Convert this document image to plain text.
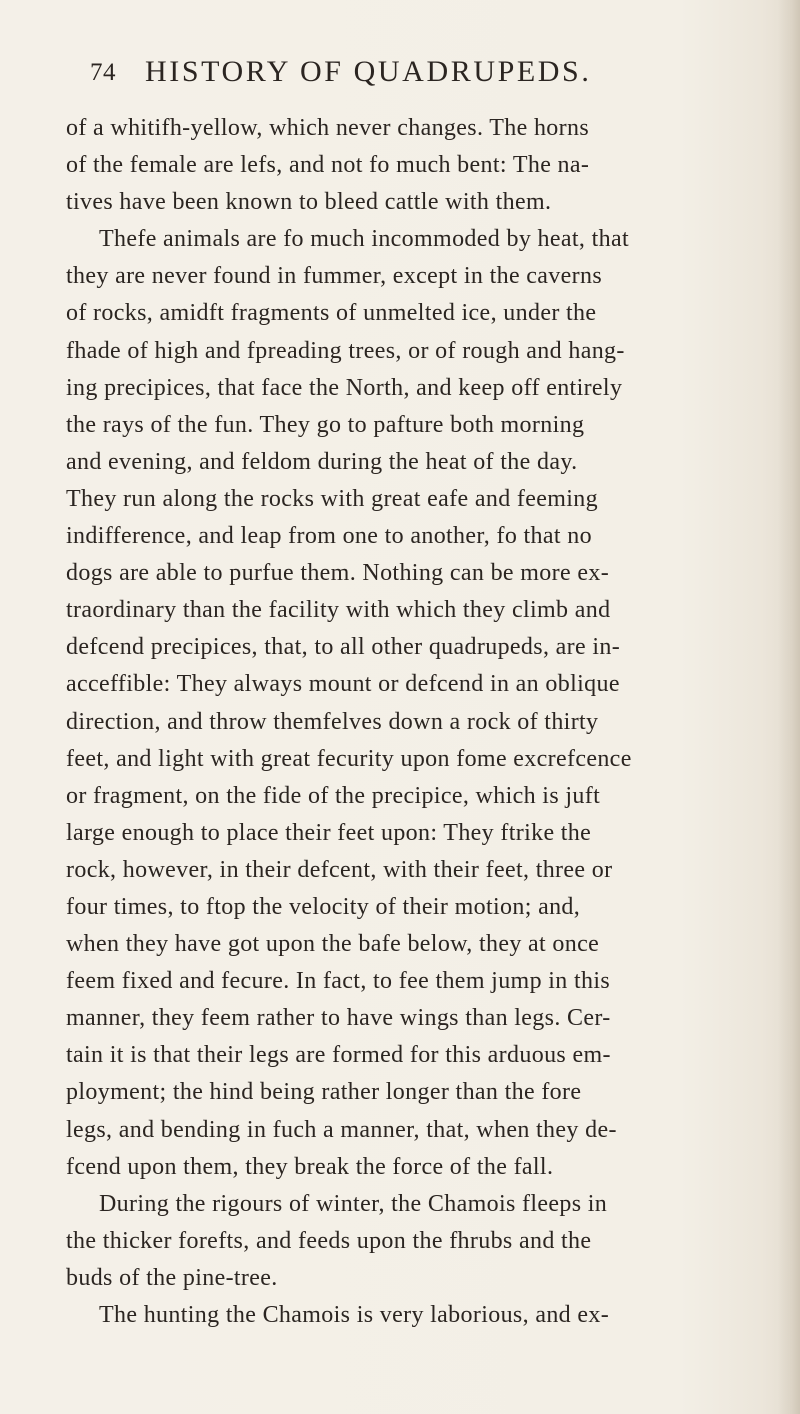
74 HISTORY OF QUADRUPEDS.
of a whitifh-yellow, which never changes. The horns
of the female are lefs, and not fo much bent: The na-
tives have been known to bleed cattle with them.
Thefe animals are fo much incommoded by heat, that
they are never found in fummer, except in the caverns
of rocks, amidft fragments of unmelted ice, under the
fhade of high and fpreading trees, or of rough and hang-
ing precipices, that face the North, and keep off entirely
the rays of the fun. They go to pafture both morning
and evening, and feldom during the heat of the day.
They run along the rocks with great eafe and feeming
indifference, and leap from one to another, fo that no
dogs are able to purfue them. Nothing can be more ex-
traordinary than the facility with which they climb and
defcend precipices, that, to all other quadrupeds, are in-
acceffible: They always mount or defcend in an oblique
direction, and throw themfelves down a rock of thirty
feet, and light with great fecurity upon fome excrefcence
or fragment, on the fide of the precipice, which is juft
large enough to place their feet upon: They ftrike the
rock, however, in their defcent, with their feet, three or
four times, to ftop the velocity of their motion; and,
when they have got upon the bafe below, they at once
feem fixed and fecure. In fact, to fee them jump in this
manner, they feem rather to have wings than legs. Cer-
tain it is that their legs are formed for this arduous em-
ployment; the hind being rather longer than the fore
legs, and bending in fuch a manner, that, when they de-
fcend upon them, they break the force of the fall.
During the rigours of winter, the Chamois fleeps in
the thicker forefts, and feeds upon the fhrubs and the
buds of the pine-tree.
The hunting the Chamois is very laborious, and ex-
